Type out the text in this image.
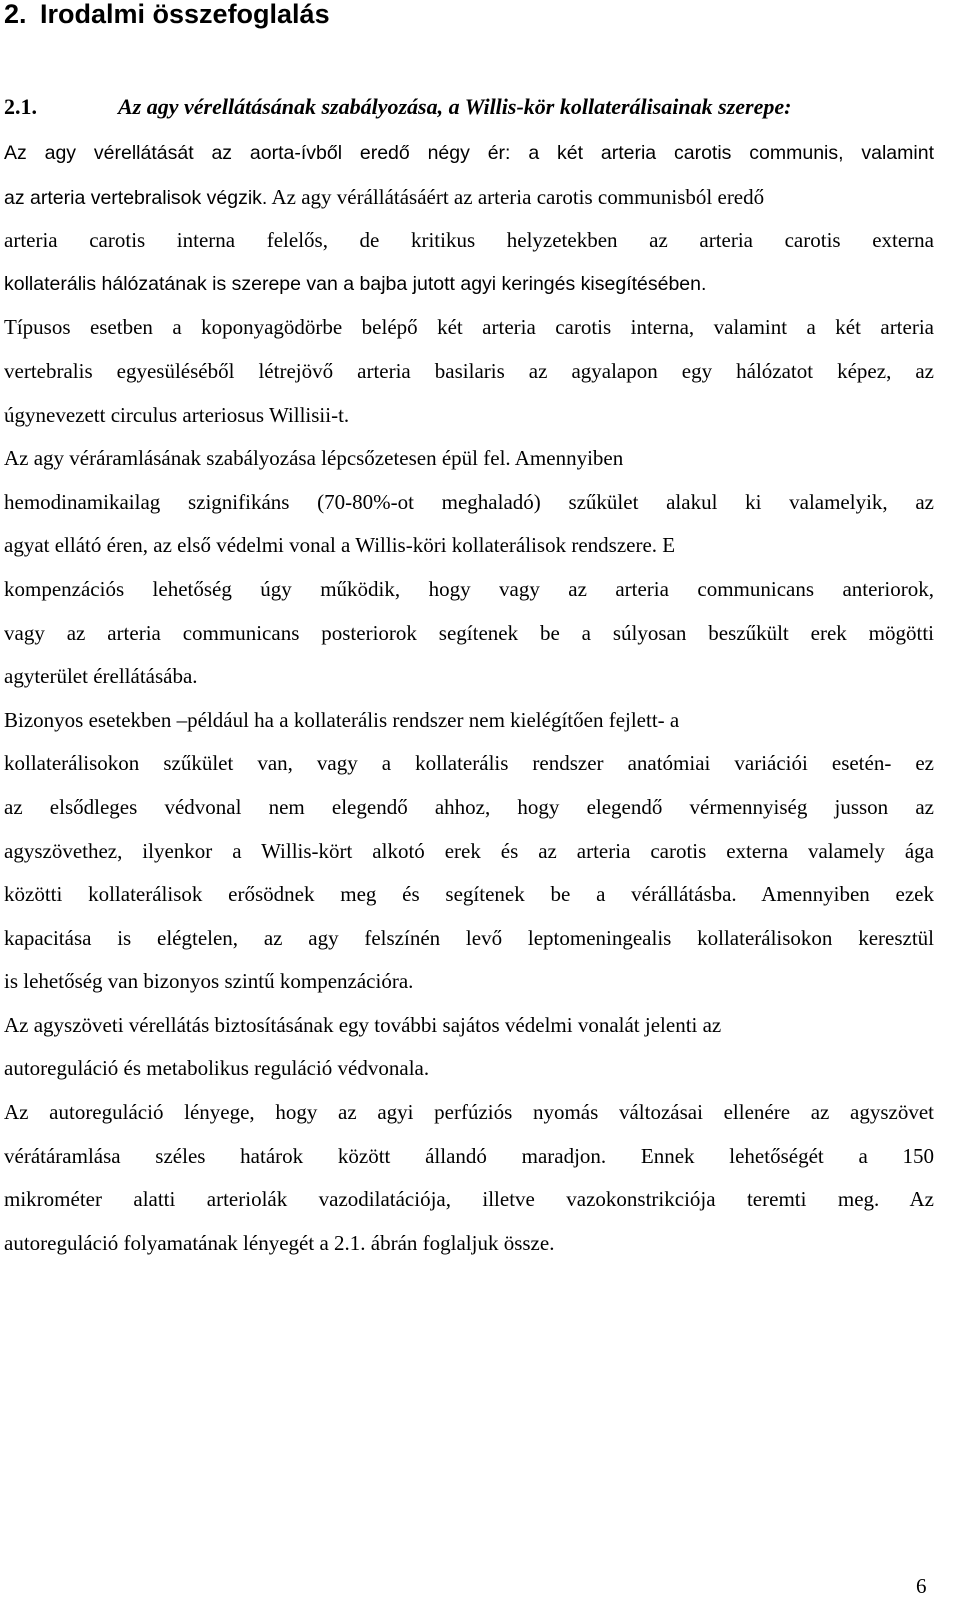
2. Irodalmi összefoglalás
2.1.	Az agy vérellátásának szabályozása, a Willis-kör kollaterálisainak szerepe:
Az agy vérellátását az aorta-ívből eredő négy ér: a két arteria carotis communis, valamint
az arteria vertebralisok végzik. Az agy vérállátásáért az arteria carotis communisból eredő
arteria carotis interna felelős, de kritikus helyzetekben az arteria carotis externa
kollaterális hálózatának is szerepe van a bajba jutott agyi keringés kisegítésében.
Típusos esetben a koponyagödörbe belépő két arteria carotis interna, valamint a két arteria
vertebralis egyesüléséből létrejövő arteria basilaris az agyalapon egy hálózatot képez, az
úgynevezett circulus arteriosus Willisii-t.
Az agy véráramlásának szabályozása lépcsőzetesen épül fel. Amennyiben
hemodinamikailag szignifikáns (70-80%-ot meghaladó) szűkület alakul ki valamelyik, az
agyat ellátó éren, az első védelmi vonal a Willis-köri kollaterálisok rendszere. E
kompenzációs lehetőség úgy működik, hogy vagy az arteria communicans anteriorok,
vagy az arteria communicans posteriorok segítenek be a súlyosan beszűkült erek mögötti
agyterület érellátásába.
Bizonyos esetekben –például ha a kollaterális rendszer nem kielégítően fejlett- a
kollaterálisokon szűkület van, vagy a kollaterális rendszer anatómiai variációi esetén- ez
az elsődleges védvonal nem elegendő ahhoz, hogy elegendő vérmennyiség jusson az
agyszövethez, ilyenkor a Willis-kört alkotó erek és az arteria carotis externa valamely ága
közötti kollaterálisok erősödnek meg és segítenek be a vérállátásba. Amennyiben ezek
kapacitása is elégtelen, az agy felszínén levő leptomeningealis kollaterálisokon keresztül
is lehetőség van bizonyos szintű kompenzációra.
Az agyszöveti vérellátás biztosításának egy további sajátos védelmi vonalát jelenti az
autoreguláció és metabolikus reguláció védvonala.
Az autoreguláció lényege, hogy az agyi perfúziós nyomás változásai ellenére az agyszövet
vérátáramlása széles határok között állandó maradjon. Ennek lehetőségét a 150
mikrométer alatti arteriolák vazodilatációja, illetve vazokonstrikciója teremti meg. Az
autoreguláció folyamatának lényegét a 2.1. ábrán foglaljuk össze.
6
